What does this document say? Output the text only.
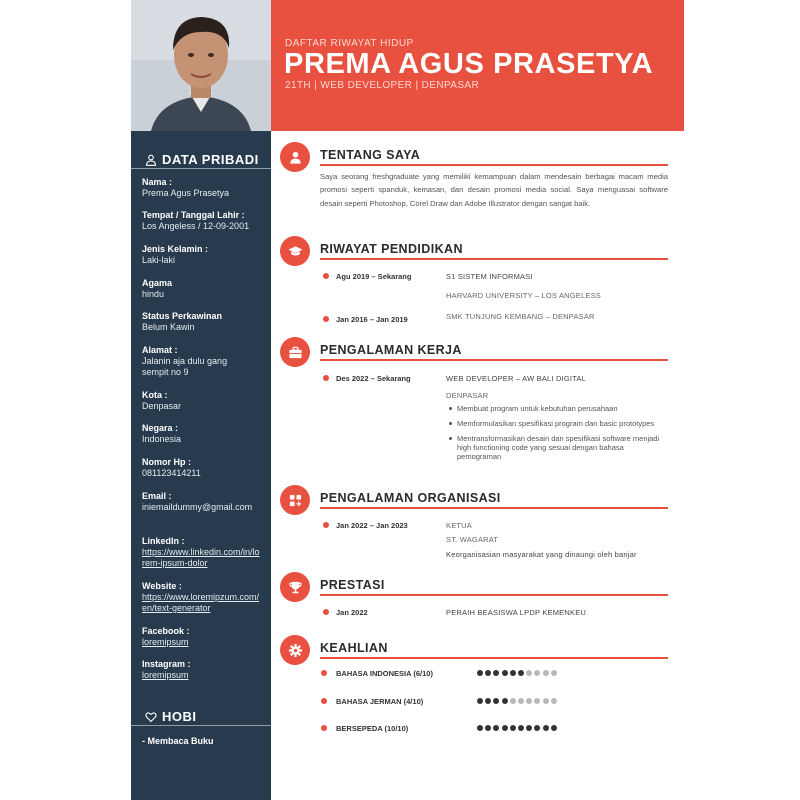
DAFTAR RIWAYAT HIDUP
PREMA AGUS PRASETYA
21TH | WEB DEVELOPER | DENPASAR
DATA PRIBADI
Nama :
Prema Agus Prasetya
Tempat / Tanggal Lahir :
Los Angeless / 12-09-2001
Jenis Kelamin :
Laki-laki
Agama
hindu
Status Perkawinan
Belum Kawin
Alamat :
Jalanin aja dulu gang sempit no 9
Kota :
Denpasar
Negara :
Indonesia
Nomor Hp :
081123414211
Email :
iniemaildummy@gmail.com
LinkedIn :
https://www.linkedin.com/in/lorem-ipsum-dolor
Website :
https://www.loremipzum.com/en/text-generator
Facebook :
loremipsum
Instagram :
loremipsum
HOBI
- Membaca Buku
TENTANG SAYA
Saya seorang freshgraduate yang memiliki kemampuan dalam mendesain berbagai macam media promosi seperti spanduk, kemasan, dan desain promosi media social. Saya menguasai software desain seperti Photoshop, Corel Draw dan Adobe Illustrator dengan sangat baik.
RIWAYAT PENDIDIKAN
Agu 2019 – Sekarang	S1 SISTEM INFORMASI
HARVARD UNIVERSITY – LOS ANGELESS
Jan 2016 – Jan 2019	SMK TUNJUNG KEMBANG – DENPASAR
PENGALAMAN KERJA
Des 2022 – Sekarang	WEB DEVELOPER – AW BALI DIGITAL
DENPASAR
Membuat program untuk kebutuhan perusahaan
Memformulasikan spesifikasi program dan basic prototypes
Mentransformasikan desain dan spesifikasi software menjadi high functioning code yang sesuai dengan bahasa pemograman
PENGALAMAN ORGANISASI
Jan 2022 – Jan 2023	KETUA
ST. WAGARAT
Keorganisasian masyarakat yang dinaungi oleh banjar
PRESTASI
Jan 2022	PERAIH BEASISWA LPDP KEMENKEU
KEAHLIAN
BAHASA INDONESIA (6/10)
BAHASA JERMAN (4/10)
BERSEPEDA (10/10)
